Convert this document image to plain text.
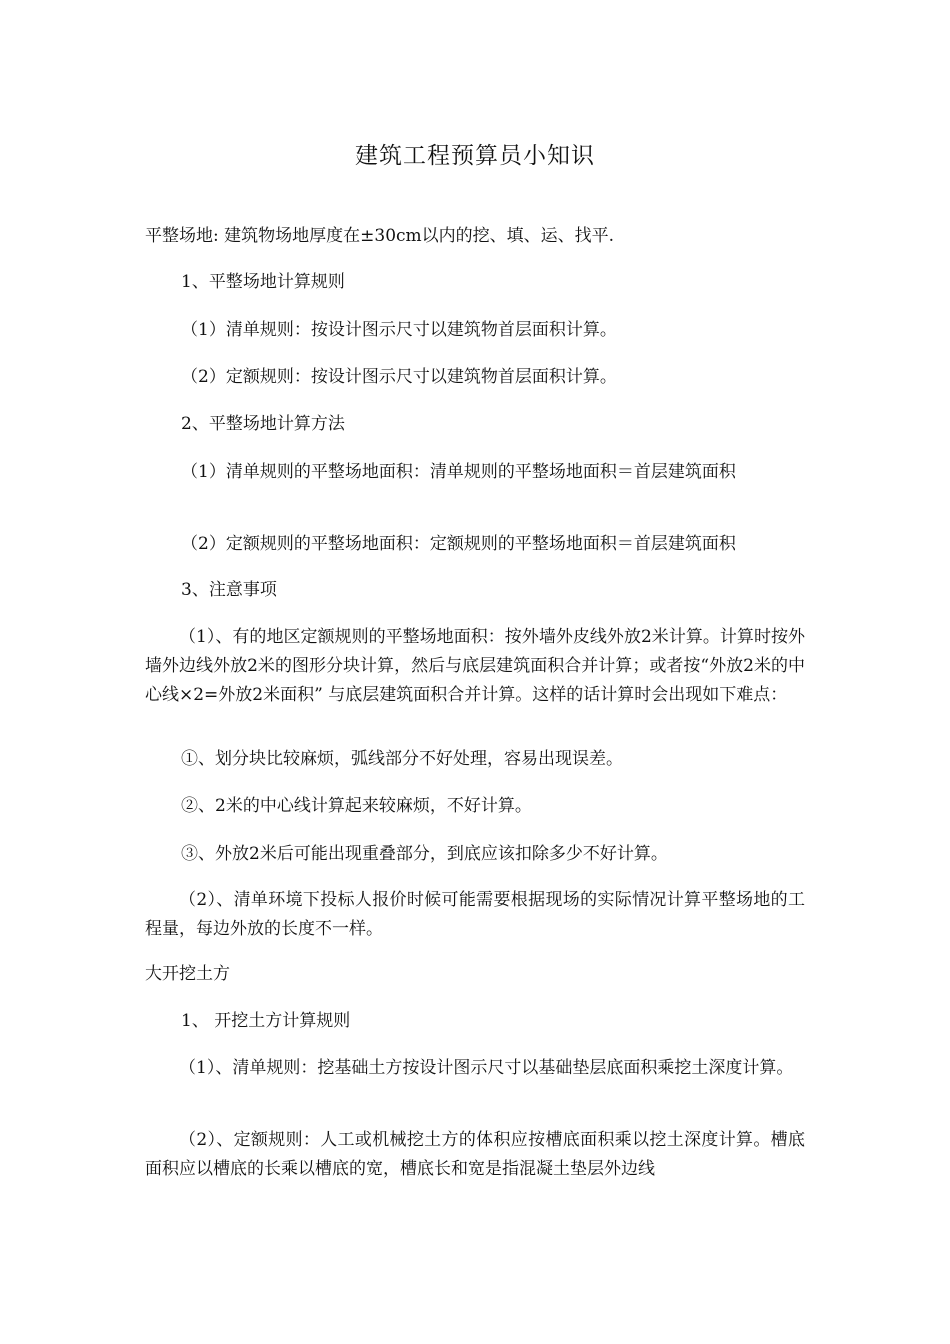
建筑工程预算员小知识
平整场地: 建筑物场地厚度在±30cm以内的挖、填、运、找平.
1、平整场地计算规则
（1）清单规则：按设计图示尺寸以建筑物首层面积计算。
（2）定额规则：按设计图示尺寸以建筑物首层面积计算。
2、平整场地计算方法
（1）清单规则的平整场地面积：清单规则的平整场地面积＝首层建筑面积
（2）定额规则的平整场地面积：定额规则的平整场地面积＝首层建筑面积
3、注意事项
（1）、有的地区定额规则的平整场地面积：按外墙外皮线外放2米计算。计算时按外墙外边线外放2米的图形分块计算，然后与底层建筑面积合并计算；或者按“外放2米的中心线×2=外放2米面积” 与底层建筑面积合并计算。这样的话计算时会出现如下难点：
①、划分块比较麻烦，弧线部分不好处理，容易出现误差。
②、2米的中心线计算起来较麻烦，不好计算。
③、外放2米后可能出现重叠部分，到底应该扣除多少不好计算。
（2）、清单环境下投标人报价时候可能需要根据现场的实际情况计算平整场地的工程量，每边外放的长度不一样。
大开挖土方
1、 开挖土方计算规则
（1）、清单规则：挖基础土方按设计图示尺寸以基础垫层底面积乘挖土深度计算。
（2）、定额规则：人工或机械挖土方的体积应按槽底面积乘以挖土深度计算。槽底面积应以槽底的长乘以槽底的宽，槽底长和宽是指混凝土垫层外边线
